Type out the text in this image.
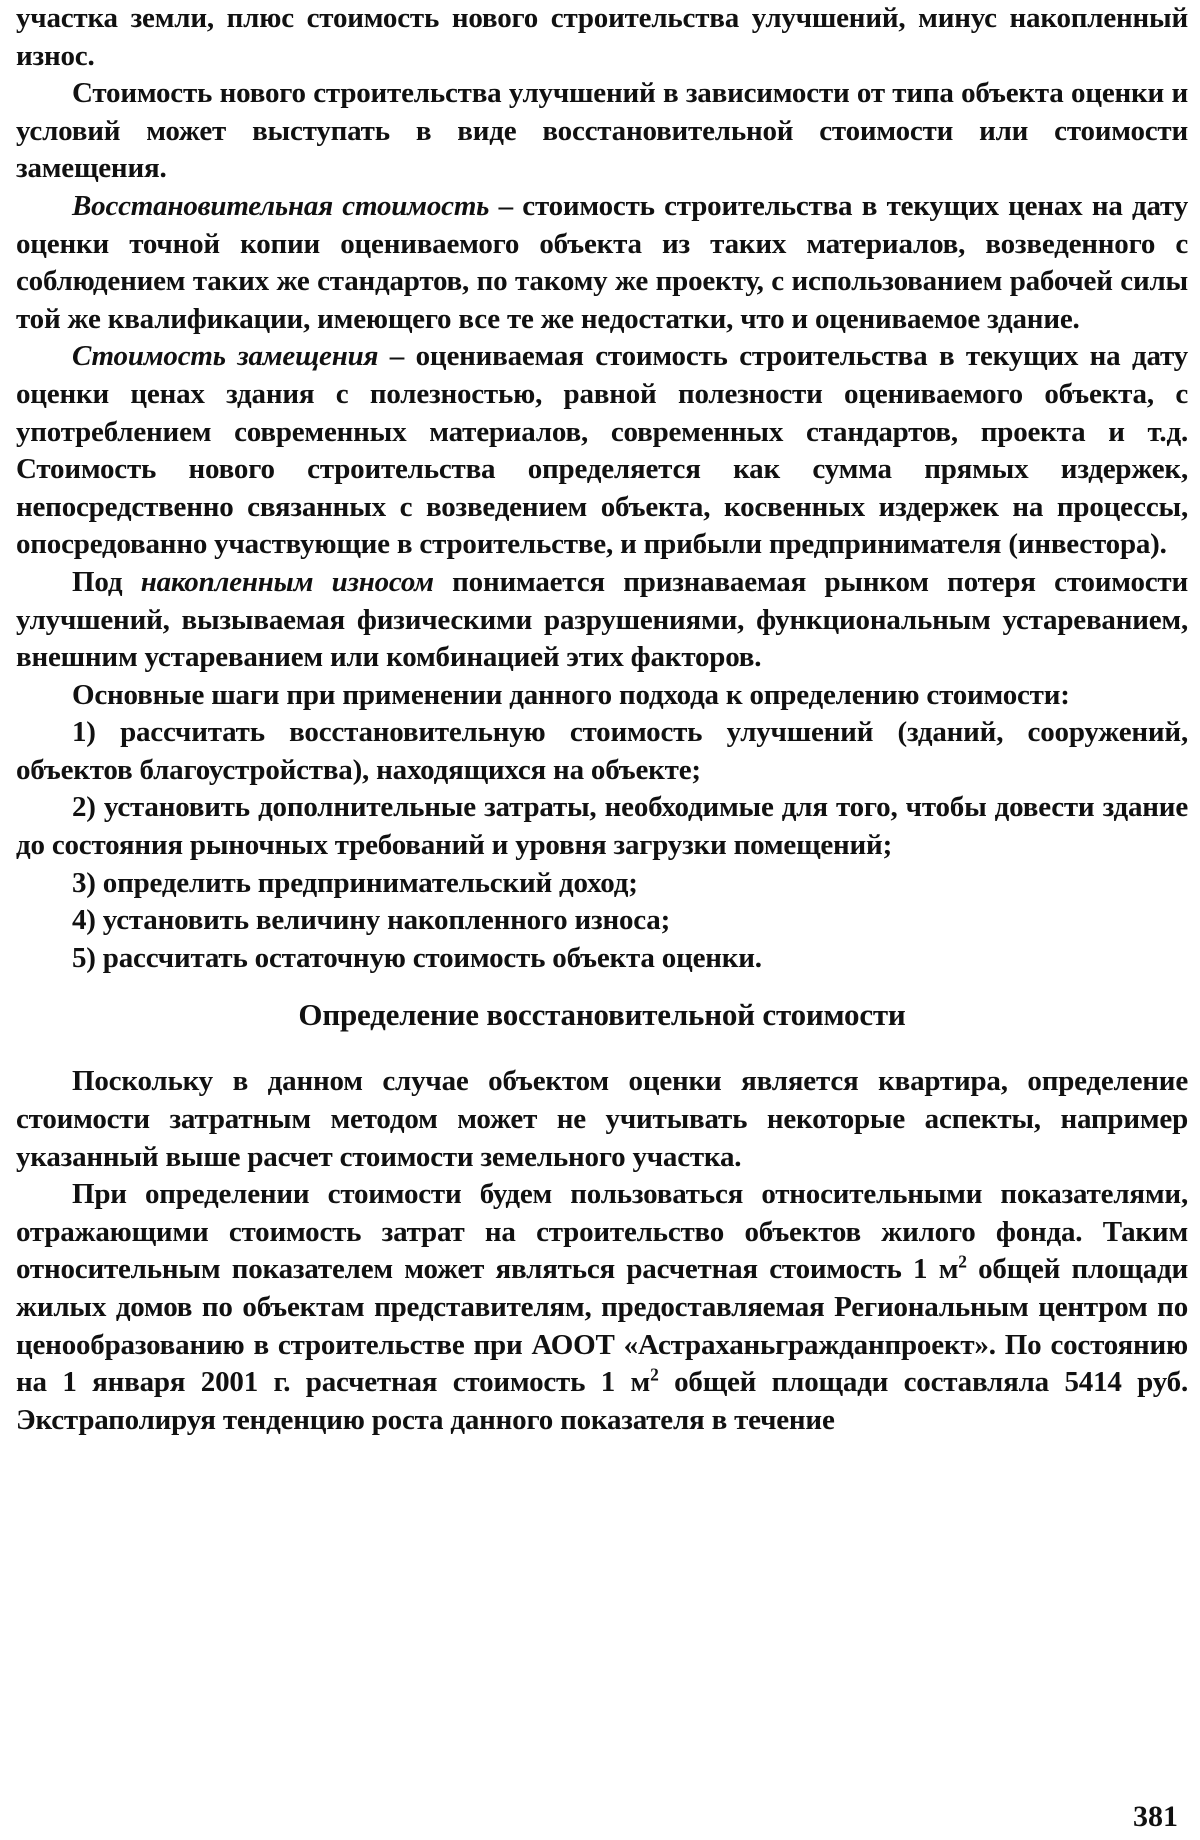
участка земли, плюс стоимость нового строительства улучшений, минус накопленный износ.

Стоимость нового строительства улучшений в зависимости от типа объекта оценки и условий может выступать в виде восстановительной стоимости или стоимости замещения.

Восстановительная стоимость – стоимость строительства в текущих ценах на дату оценки точной копии оцениваемого объекта из таких материалов, возведенного с соблюдением таких же стандартов, по такому же проекту, с использованием рабочей силы той же квалификации, имеющего все те же недостатки, что и оцениваемое здание.

Стоимость замещения – оцениваемая стоимость строительства в текущих на дату оценки ценах здания с полезностью, равной полезности оцениваемого объекта, с употреблением современных материалов, современных стандартов, проекта и т.д. Стоимость нового строительства определяется как сумма прямых издержек, непосредственно связанных с возведением объекта, косвенных издержек на процессы, опосредованно участвующие в строительстве, и прибыли предпринимателя (инвестора).

Под накопленным износом понимается признаваемая рынком потеря стоимости улучшений, вызываемая физическими разрушениями, функциональным устареванием, внешним устареванием или комбинацией этих факторов.

Основные шаги при применении данного подхода к определению стоимости:

1) рассчитать восстановительную стоимость улучшений (зданий, сооружений, объектов благоустройства), находящихся на объекте;

2) установить дополнительные затраты, необходимые для того, чтобы довести здание до состояния рыночных требований и уровня загрузки помещений;

3) определить предпринимательский доход;

4) установить величину накопленного износа;

5) рассчитать остаточную стоимость объекта оценки.

Определение восстановительной стоимости

Поскольку в данном случае объектом оценки является квартира, определение стоимости затратным методом может не учитывать некоторые аспекты, например указанный выше расчет стоимости земельного участка.

При определении стоимости будем пользоваться относительными показателями, отражающими стоимость затрат на строительство объектов жилого фонда. Таким относительным показателем может являться расчетная стоимость 1 $м^2$ общей площади жилых домов по объектам представителям, предоставляемая Региональным центром по ценообразованию в строительстве при АООТ «Астраханьгражданпроект». По состоянию на 1 января 2001 г. расчетная стоимость 1 $м^2$ общей площади составляла 5414 руб. Экстраполируя тенденцию роста данного показателя в течение

381
